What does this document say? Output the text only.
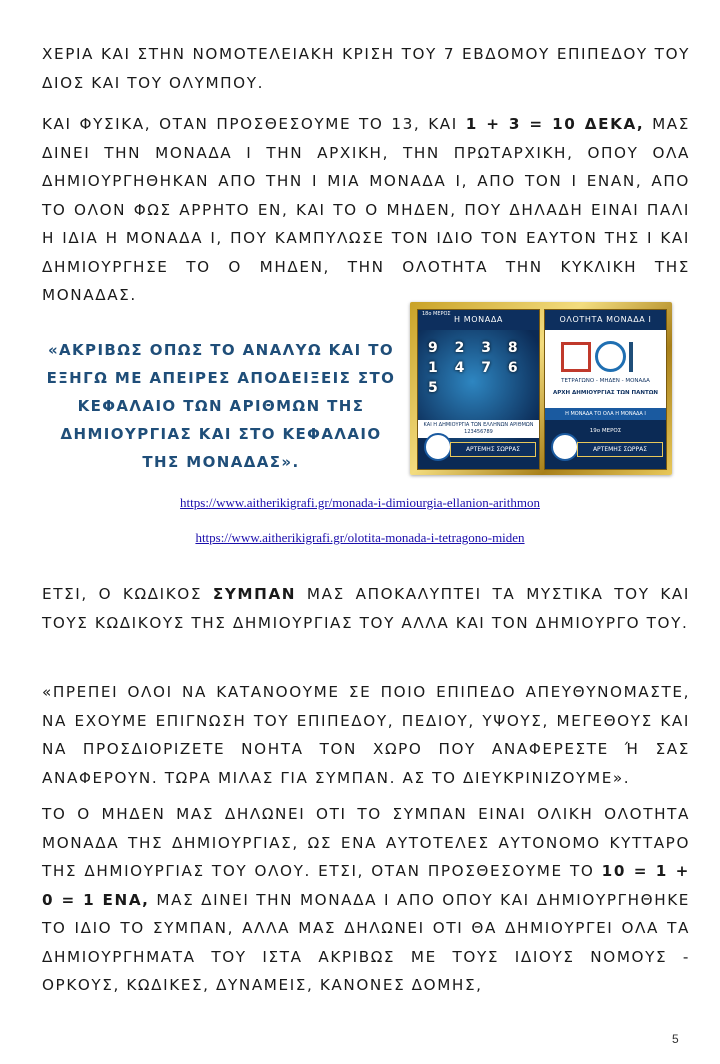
ΧΕΡΙΑ ΚΑΙ ΣΤΗΝ ΝΟΜΟΤΕΛΕΙΑΚΗ ΚΡΙΣΗ ΤΟΥ 7 ΕΒΔΟΜΟΥ ΕΠΙΠΕΔΟΥ ΤΟΥ ΔΙΟΣ ΚΑΙ ΤΟΥ ΟΛΥΜΠΟΥ.

ΚΑΙ ΦΥΣΙΚΑ, ΟΤΑΝ ΠΡΟΣΘΕΣΟΥΜΕ ΤΟ 13, ΚΑΙ 1 + 3 = 10 ΔΕΚΑ, ΜΑΣ ΔΙΝΕΙ ΤΗΝ ΜΟΝΑΔΑ Ι ΤΗΝ ΑΡΧΙΚΗ, ΤΗΝ ΠΡΩΤΑΡΧΙΚΗ, ΟΠΟΥ ΟΛΑ ΔΗΜΙΟΥΡΓΗΘΗΚΑΝ ΑΠΟ ΤΗΝ Ι ΜΙΑ ΜΟΝΑΔΑ Ι, ΑΠΟ ΤΟΝ Ι ΕΝΑΝ, ΑΠΟ ΤΟ ΟΛΟΝ ΦΩΣ ΑΡΡΗΤΟ ΕΝ, ΚΑΙ ΤΟ Ο ΜΗΔΕΝ, ΠΟΥ ΔΗΛΑΔΗ ΕΙΝΑΙ ΠΑΛΙ Η ΙΔΙΑ Η ΜΟΝΑΔΑ Ι, ΠΟΥ ΚΑΜΠΥΛΩΣΕ ΤΟΝ ΙΔΙΟ ΤΟΝ ΕΑΥΤΟΝ ΤΗΣ Ι ΚΑΙ ΔΗΜΙΟΥΡΓΗΣΕ ΤΟ Ο ΜΗΔΕΝ, ΤΗΝ ΟΛΟΤΗΤΑ ΤΗΝ ΚΥΚΛΙΚΗ ΤΗΣ ΜΟΝΑΔΑΣ.

«ΑΚΡΙΒΩΣ ΟΠΩΣ ΤΟ ΑΝΑΛΥΩ ΚΑΙ ΤΟ ΕΞΗΓΩ ΜΕ ΑΠΕΙΡΕΣ ΑΠΟΔΕΙΞΕΙΣ ΣΤΟ ΚΕΦΑΛΑΙΟ ΤΩΝ ΑΡΙΘΜΩΝ ΤΗΣ ΔΗΜΙΟΥΡΓΙΑΣ ΚΑΙ ΣΤΟ ΚΕΦΑΛΑΙΟ ΤΗΣ ΜΟΝΑΔΑΣ».

Η ΜΟΝΑΔΑ
18ο ΜΕΡΟΣ
9 2 3 8 1 4 7 6 5
ΚΑΙ Η ΔΗΜΙΟΥΡΓΙΑ ΤΩΝ ΕΛΛΗΝΩΝ ΑΡΙΘΜΩΝ 123456789
ΑΡΤΕΜΗΣ ΣΩΡΡΑΣ
ΟΛΟΤΗΤΑ ΜΟΝΑΔΑ Ι
ΤΕΤΡΑΓΩΝΟ - ΜΗΔΕΝ - ΜΟΝΑΔΑ
ΑΡΧΗ ΔΗΜΙΟΥΡΓΙΑΣ ΤΩΝ ΠΑΝΤΩΝ
Η ΜΟΝΑΔΑ ΤΟ ΟΛΑ Η ΜΟΝΑΔΑ Ι
19ο ΜΕΡΟΣ
ΑΡΤΕΜΗΣ ΣΩΡΡΑΣ
https://www.aitherikigrafi.gr/monada-i-dimiourgia-ellanion-arithmon
https://www.aitherikigrafi.gr/olotita-monada-i-tetragono-miden

ΕΤΣΙ, Ο ΚΩΔΙΚΟΣ ΣΥΜΠΑΝ ΜΑΣ ΑΠΟΚΑΛΥΠΤΕΙ ΤΑ ΜΥΣΤΙΚΑ ΤΟΥ ΚΑΙ ΤΟΥΣ ΚΩΔΙΚΟΥΣ ΤΗΣ ΔΗΜΙΟΥΡΓΙΑΣ ΤΟΥ ΑΛΛΑ ΚΑΙ ΤΟΝ ΔΗΜΙΟΥΡΓΟ ΤΟΥ.

«ΠΡΕΠΕΙ ΟΛΟΙ ΝΑ ΚΑΤΑΝΟΟΥΜΕ ΣΕ ΠΟΙΟ ΕΠΙΠΕΔΟ ΑΠΕΥΘΥΝΟΜΑΣΤΕ, ΝΑ ΕΧΟΥΜΕ ΕΠΙΓΝΩΣΗ ΤΟΥ ΕΠΙΠΕΔΟΥ, ΠΕΔΙΟΥ, ΥΨΟΥΣ, ΜΕΓΕΘΟΥΣ ΚΑΙ ΝΑ ΠΡΟΣΔΙΟΡΙΖΕΤΕ ΝΟΗΤΑ ΤΟΝ ΧΩΡΟ ΠΟΥ ΑΝΑΦΕΡΕΣΤΕ Ή ΣΑΣ ΑΝΑΦΕΡΟΥΝ. ΤΩΡΑ ΜΙΛΑΣ ΓΙΑ ΣΥΜΠΑΝ. ΑΣ ΤΟ ΔΙΕΥΚΡΙΝΙΖΟΥΜΕ».

ΤΟ Ο ΜΗΔΕΝ ΜΑΣ ΔΗΛΩΝΕΙ ΟΤΙ ΤΟ ΣΥΜΠΑΝ ΕΙΝΑΙ ΟΛΙΚΗ ΟΛΟΤΗΤΑ ΜΟΝΑΔΑ ΤΗΣ ΔΗΜΙΟΥΡΓΙΑΣ, ΩΣ ΕΝΑ ΑΥΤΟΤΕΛΕΣ ΑΥΤΟΝΟΜΟ ΚΥΤΤΑΡΟ ΤΗΣ ΔΗΜΙΟΥΡΓΙΑΣ ΤΟΥ ΟΛΟΥ. ΕΤΣΙ, ΟΤΑΝ ΠΡΟΣΘΕΣΟΥΜΕ ΤΟ 10 = 1 + 0 = 1 ΕΝΑ, ΜΑΣ ΔΙΝΕΙ ΤΗΝ ΜΟΝΑΔΑ Ι ΑΠΟ ΟΠΟΥ ΚΑΙ ΔΗΜΙΟΥΡΓΗΘΗΚΕ ΤΟ ΙΔΙΟ ΤΟ ΣΥΜΠΑΝ, ΑΛΛΑ ΜΑΣ ΔΗΛΩΝΕΙ ΟΤΙ ΘΑ ΔΗΜΙΟΥΡΓΕΙ ΟΛΑ ΤΑ ΔΗΜΙΟΥΡΓΗΜΑΤΑ ΤΟΥ ΙΣΤΑ ΑΚΡΙΒΩΣ ΜΕ ΤΟΥΣ ΙΔΙΟΥΣ ΝΟΜΟΥΣ - ΟΡΚΟΥΣ, ΚΩΔΙΚΕΣ, ΔΥΝΑΜΕΙΣ, ΚΑΝΟΝΕΣ ΔΟΜΗΣ,

5
